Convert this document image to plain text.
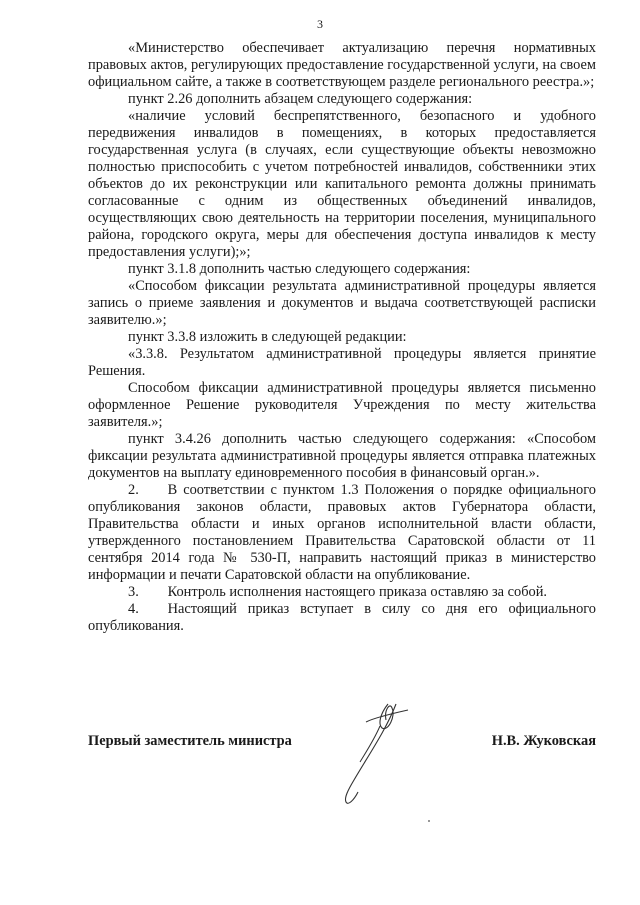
3

«Министерство обеспечивает актуализацию перечня нормативных правовых актов, регулирующих предоставление государственной услуги, на своем официальном сайте, а также в соответствующем разделе регионального реестра.»;

пункт 2.26 дополнить абзацем следующего содержания:

«наличие условий беспрепятственного, безопасного и удобного передвижения инвалидов в помещениях, в которых предоставляется государственная услуга (в случаях, если существующие объекты невозможно полностью приспособить с учетом потребностей инвалидов, собственники этих объектов до их реконструкции или капитального ремонта должны принимать согласованные с одним из общественных объединений инвалидов, осуществляющих свою деятельность на территории поселения, муниципального района, городского округа, меры для обеспечения доступа инвалидов к месту предоставления услуги);»;

пункт 3.1.8 дополнить частью следующего содержания:

«Способом фиксации результата административной процедуры является запись о приеме заявления и документов и выдача соответствующей расписки заявителю.»;

пункт 3.3.8 изложить в следующей редакции:

«3.3.8. Результатом административной процедуры является принятие Решения.

Способом фиксации административной процедуры является письменно оформленное Решение руководителя Учреждения по месту жительства заявителя.»;

пункт 3.4.26 дополнить частью следующего содержания: «Способом фиксации результата административной процедуры является отправка платежных документов на выплату единовременного пособия в финансовый орган.».

2.  В соответствии с пунктом 1.3 Положения о порядке официального опубликования законов области, правовых актов Губернатора области, Правительства области и иных органов исполнительной власти области, утвержденного постановлением Правительства Саратовской области от 11 сентября 2014 года № 530-П, направить настоящий приказ в министерство информации и печати Саратовской области на опубликование.

3.  Контроль исполнения настоящего приказа оставляю за собой.

4.  Настоящий приказ вступает в силу со дня его официального опубликования.

Первый заместитель министра	Н.В. Жуковская
